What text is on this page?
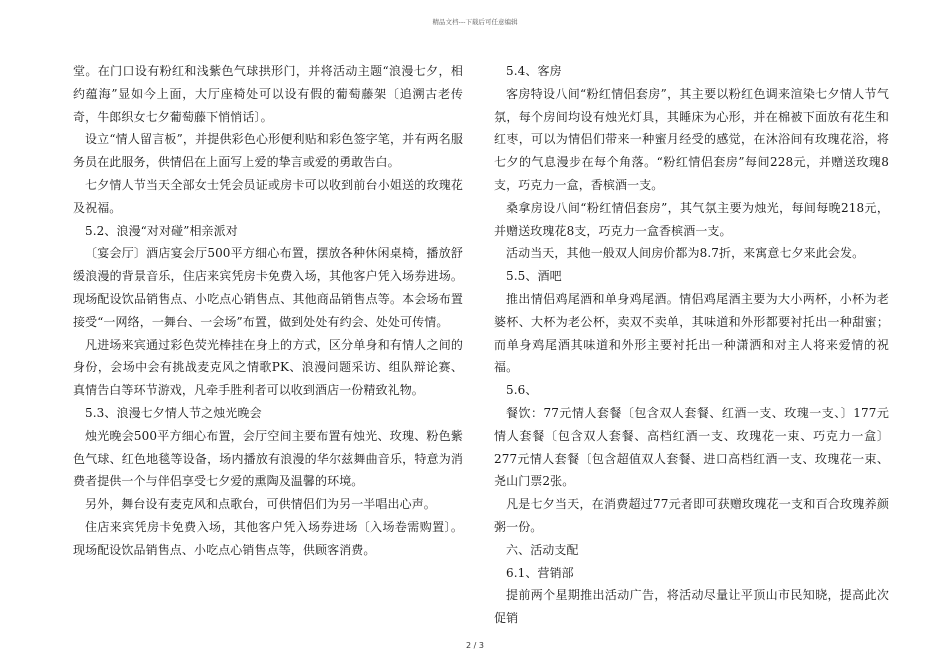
精品文档---下载后可任意编辑

堂。在门口设有粉红和浅紫色气球拱形门，并将活动主题“浪漫七夕，相约蕴海”显如今上面，大厅座椅处可以设有假的葡萄藤架〔追溯古老传奇，牛郎织女七夕葡萄藤下悄悄话〕。

设立“情人留言板”，并提供彩色心形便利贴和彩色签字笔，并有两名服务员在此服务，供情侣在上面写上爱的挚言或爱的勇敢告白。

七夕情人节当天全部女士凭会员证或房卡可以收到前台小姐送的玫瑰花及祝福。

5.2、浪漫“对对碰”相亲派对

〔宴会厅〕酒店宴会厅500平方细心布置，摆放各种休闲桌椅，播放舒缓浪漫的背景音乐，住店来宾凭房卡免费入场，其他客户凭入场券进场。现场配设饮品销售点、小吃点心销售点、其他商品销售点等。本会场布置接受“一网络，一舞台、一会场”布置，做到处处有约会、处处可传情。

凡进场来宾通过彩色荧光棒挂在身上的方式，区分单身和有情人之间的身份，会场中会有挑战麦克风之情歌PK、浪漫问题采访、组队辩论赛、真情告白等环节游戏，凡牵手胜利者可以收到酒店一份精致礼物。

5.3、浪漫七夕情人节之烛光晚会

烛光晚会500平方细心布置，会厅空间主要布置有烛光、玫瑰、粉色紫色气球、红色地毯等设备，场内播放有浪漫的华尔兹舞曲音乐，特意为消费者提供一个与伴侣享受七夕爱的熏陶及温馨的环境。

另外，舞台设有麦克风和点歌台，可供情侣们为另一半唱出心声。

住店来宾凭房卡免费入场，其他客户凭入场券进场〔入场卷需购置〕。现场配设饮品销售点、小吃点心销售点等，供顾客消费。

5.4、客房

客房特设八间“粉红情侣套房”，其主要以粉红色调来渲染七夕情人节气氛，每个房间均设有烛光灯具，其睡床为心形，并在棉被下面放有花生和红枣，可以为情侣们带来一种蜜月经受的感觉，在沐浴间有玫瑰花浴，将七夕的气息漫步在每个角落。“粉红情侣套房”每间228元，并赠送玫瑰8支，巧克力一盒，香槟酒一支。

桑拿房设八间“粉红情侣套房”，其气氛主要为烛光，每间每晚218元，并赠送玫瑰花8支，巧克力一盒香槟酒一支。

活动当天，其他一般双人间房价都为8.7折，来寓意七夕来此会发。

5.5、酒吧

推出情侣鸡尾酒和单身鸡尾酒。情侣鸡尾酒主要为大小两杯，小杯为老婆杯、大杯为老公杯，卖双不卖单，其味道和外形都要衬托出一种甜蜜；而单身鸡尾酒其味道和外形主要衬托出一种潇洒和对主人将来爱情的祝福。

5.6、

餐饮：77元情人套餐〔包含双人套餐、红酒一支、玫瑰一支、〕177元情人套餐〔包含双人套餐、高档红酒一支、玫瑰花一束、巧克力一盒〕277元情人套餐〔包含超值双人套餐、进口高档红酒一支、玫瑰花一束、尧山门票2张。

凡是七夕当天，在消费超过77元者即可获赠玫瑰花一支和百合玫瑰养颜粥一份。

六、活动支配

6.1、营销部

提前两个星期推出活动广告，将活动尽量让平顶山市民知晓，提高此次促销

2 / 3
